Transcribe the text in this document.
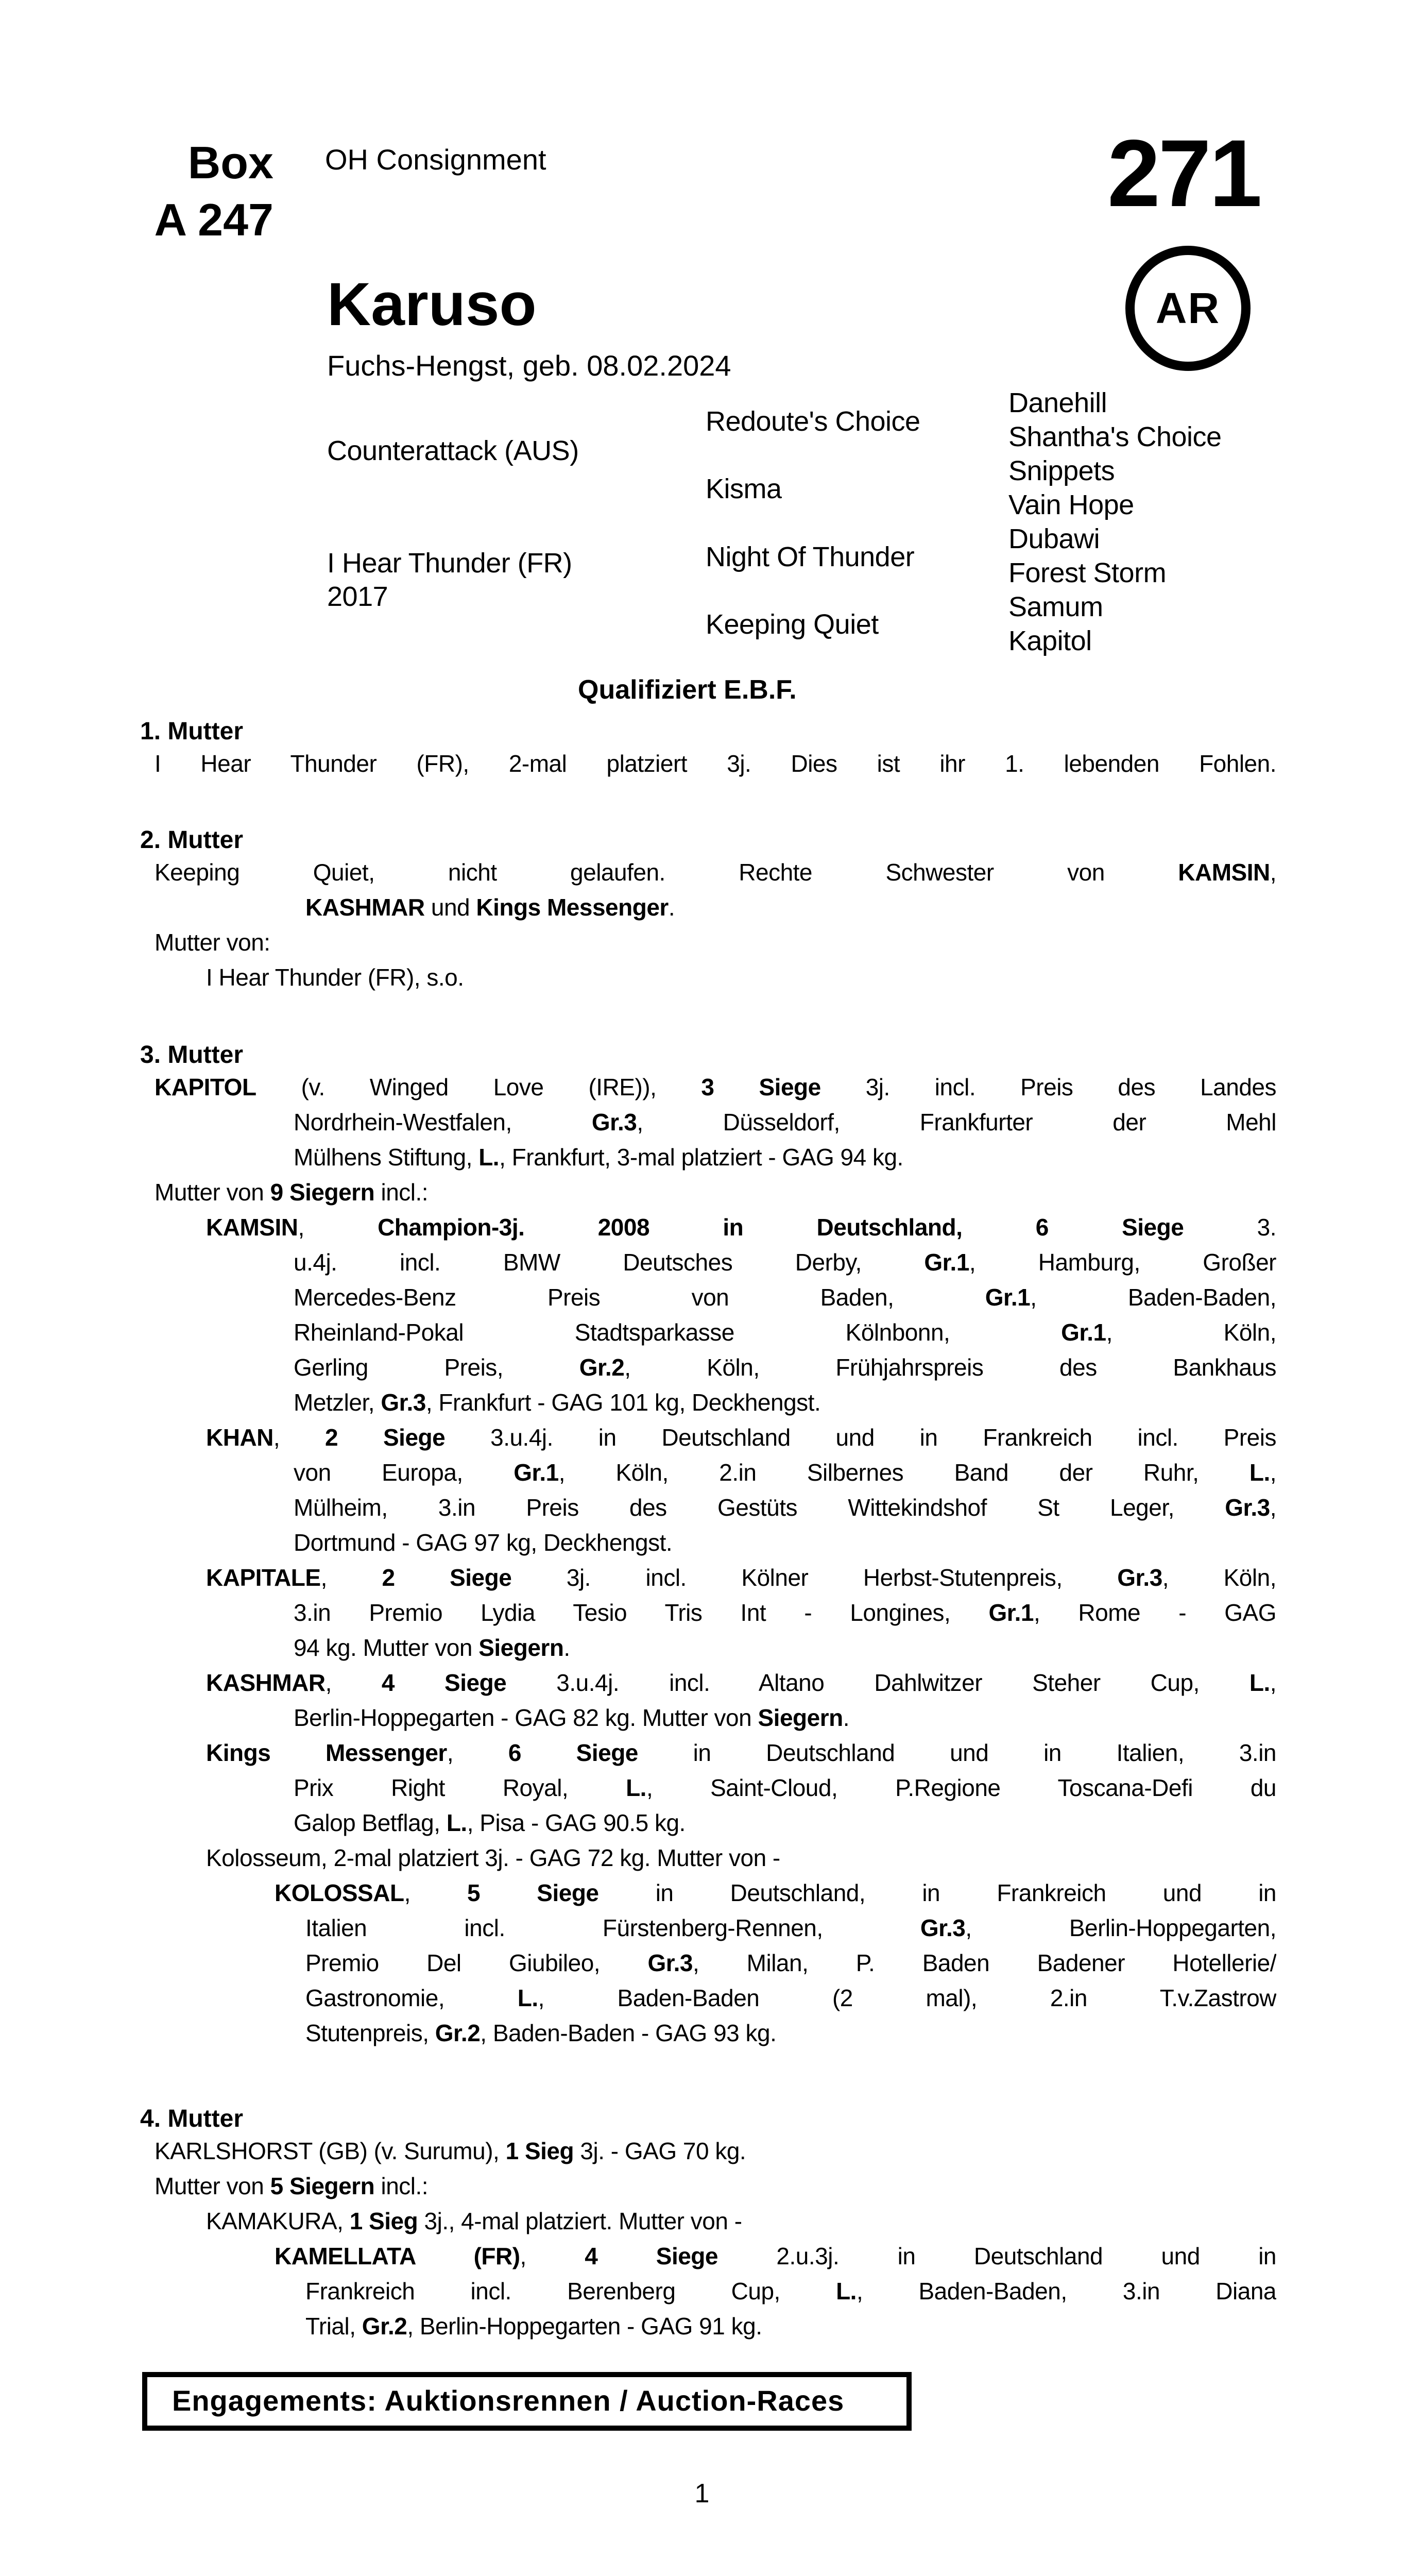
Box
A 247
OH Consignment	271
AR
Karuso
Fuchs-Hengst, geb. 08.02.2024
Counterattack (AUS)
I Hear Thunder (FR)
2017
Redoute's Choice
Kisma
Night Of Thunder
Keeping Quiet
Danehill
Shantha's Choice
Snippets
Vain Hope
Dubawi
Forest Storm
Samum
Kapitol
Qualifiziert E.B.F.
1. Mutter
I Hear Thunder (FR), 2-mal platziert 3j. Dies ist ihr 1. lebenden Fohlen.
2. Mutter
Keeping Quiet, nicht gelaufen. Rechte Schwester von KAMSIN,
KASHMAR und Kings Messenger.
Mutter von:
I Hear Thunder (FR), s.o.
3. Mutter
KAPITOL (v. Winged Love (IRE)), 3 Siege 3j. incl. Preis des Landes
Nordrhein-Westfalen, Gr.3, Düsseldorf, Frankfurter der Mehl
Mülhens Stiftung, L., Frankfurt, 3-mal platziert - GAG 94 kg.
Mutter von 9 Siegern incl.:
KAMSIN, Champion-3j. 2008 in Deutschland, 6 Siege 3.
u.4j. incl. BMW Deutsches Derby, Gr.1, Hamburg, Großer
Mercedes-Benz Preis von Baden, Gr.1, Baden-Baden,
Rheinland-Pokal Stadtsparkasse Kölnbonn, Gr.1, Köln,
Gerling Preis, Gr.2, Köln, Frühjahrspreis des Bankhaus
Metzler, Gr.3, Frankfurt - GAG 101 kg, Deckhengst.
KHAN, 2 Siege 3.u.4j. in Deutschland und in Frankreich incl. Preis
von Europa, Gr.1, Köln, 2.in Silbernes Band der Ruhr, L.,
Mülheim, 3.in Preis des Gestüts Wittekindshof St Leger, Gr.3,
Dortmund - GAG 97 kg, Deckhengst.
KAPITALE, 2 Siege 3j. incl. Kölner Herbst-Stutenpreis, Gr.3, Köln,
3.in Premio Lydia Tesio Tris Int - Longines, Gr.1, Rome - GAG
94 kg. Mutter von Siegern.
KASHMAR, 4 Siege 3.u.4j. incl. Altano Dahlwitzer Steher Cup, L.,
Berlin-Hoppegarten - GAG 82 kg. Mutter von Siegern.
Kings Messenger, 6 Siege in Deutschland und in Italien, 3.in
Prix Right Royal, L., Saint-Cloud, P.Regione Toscana-Defi du
Galop Betflag, L., Pisa - GAG 90.5 kg.
Kolosseum, 2-mal platziert 3j. - GAG 72 kg. Mutter von -
KOLOSSAL, 5 Siege in Deutschland, in Frankreich und in
Italien incl. Fürstenberg-Rennen, Gr.3, Berlin-Hoppegarten,
Premio Del Giubileo, Gr.3, Milan, P. Baden Badener Hotellerie/
Gastronomie, L., Baden-Baden (2 mal), 2.in T.v.Zastrow
Stutenpreis, Gr.2, Baden-Baden - GAG 93 kg.
4. Mutter
KARLSHORST (GB) (v. Surumu), 1 Sieg 3j. - GAG 70 kg.
Mutter von 5 Siegern incl.:
KAMAKURA, 1 Sieg 3j., 4-mal platziert. Mutter von -
KAMELLATA (FR), 4 Siege 2.u.3j. in Deutschland und in
Frankreich incl. Berenberg Cup, L., Baden-Baden, 3.in Diana
Trial, Gr.2, Berlin-Hoppegarten - GAG 91 kg.
Engagements: Auktionsrennen / Auction-Races
1
